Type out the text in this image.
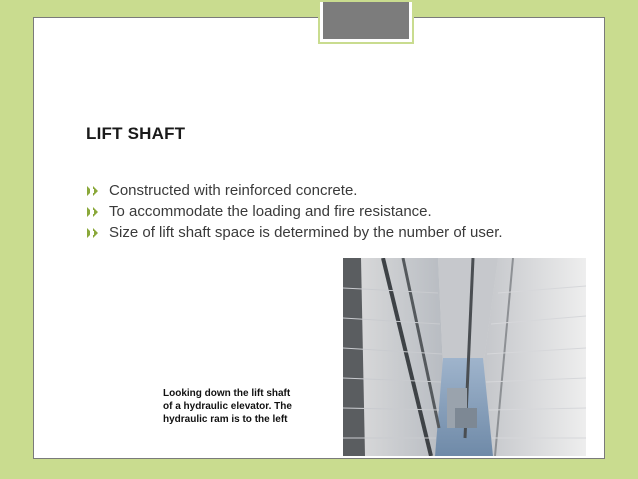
LIFT SHAFT
Constructed with reinforced concrete.
To accommodate the loading and fire resistance.
Size of lift shaft space is determined by the number of user.
Looking down the lift shaft
of a hydraulic elevator. The
hydraulic ram is to the left
